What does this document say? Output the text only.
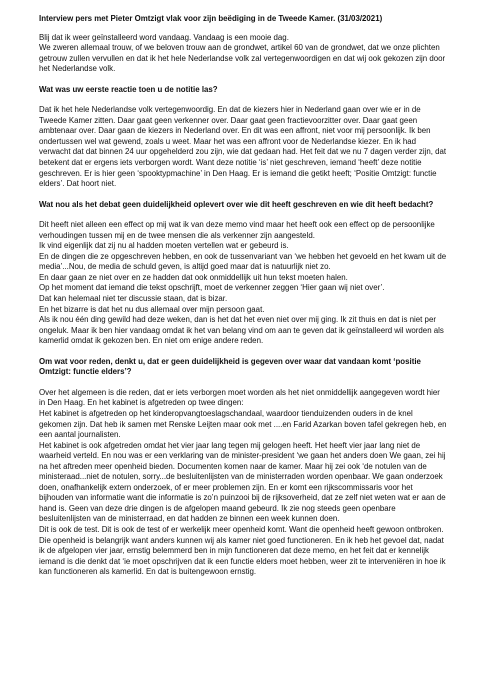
Interview pers met Pieter Omtzigt vlak voor zijn beëdiging in de Tweede Kamer. (31/03/2021)

Blij dat ik weer geïnstalleerd word vandaag. Vandaag is een mooie dag.

We zweren allemaal trouw, of we beloven trouw aan de grondwet, artikel 60 van de grondwet, dat we onze plichten getrouw zullen vervullen en dat ik het hele Nederlandse volk zal vertegenwoordigen en dat wij ook gekozen zijn door het Nederlandse volk.

Wat was uw eerste reactie toen u de notitie las?

Dat ik het hele Nederlandse volk vertegenwoordig. En dat de kiezers hier in Nederland gaan over wie er in de Tweede Kamer zitten. Daar gaat geen verkenner over. Daar gaat geen fractievoorzitter over. Daar gaat geen ambtenaar over. Daar gaan de kiezers in Nederland over. En dit was een affront, niet voor mij persoonlijk. Ik ben ondertussen wel wat gewend, zoals u weet. Maar het was een affront voor de Nederlandse kiezer. En ik had verwacht dat dat binnen 24 uur opgehelderd zou zijn, wie dat gedaan had. Het feit dat we nu 7 dagen verder zijn, dat betekent dat er ergens iets verborgen wordt. Want deze notitie ‘is’ niet geschreven, iemand ‘heeft’ deze notitie geschreven. Er is hier geen ‘spooktypmachine’ in Den Haag. Er is iemand die getikt heeft; ‘Positie Omtzigt: functie elders’. Dat hoort niet.

Wat nou als het debat geen duidelijkheid oplevert over wie dit heeft geschreven en wie dit heeft bedacht?

Dit heeft niet alleen een effect op mij wat ik van deze memo vind maar het heeft ook een effect op de persoonlijke verhoudingen tussen mij en de twee mensen die als verkenner zijn aangesteld.

Ik vind eigenlijk dat zij nu al hadden moeten vertellen wat er gebeurd is.

En de dingen die ze opgeschreven hebben, en ook de tussenvariant van ‘we hebben het gevoeld en het kwam uit de media’...Nou, de media de schuld geven, is altijd goed maar dat is natuurlijk niet zo.

En daar gaan ze niet over en ze hadden dat ook onmiddellijk uit hun tekst moeten halen.

Op het moment dat iemand die tekst opschrijft, moet de verkenner zeggen ‘Hier gaan wij niet over’.

Dat kan helemaal niet ter discussie staan, dat is bizar.

En het bizarre is dat het nu dus allemaal over mijn persoon gaat.

Als ik nou één ding gewild had deze weken, dan is het dat het even niet over mij ging. Ik zit thuis en dat is niet per ongeluk. Maar ik ben hier vandaag omdat ik het van belang vind om aan te geven dat ik geïnstalleerd wil worden als kamerlid omdat ik gekozen ben. En niet om enige andere reden.

Om wat voor reden, denkt u, dat er geen duidelijkheid is gegeven over waar dat vandaan komt ‘positie Omtzigt: functie elders’?

Over het algemeen is die reden, dat er iets verborgen moet worden als het niet onmiddellijk aangegeven wordt hier in Den Haag. En het kabinet is afgetreden op twee dingen:

Het kabinet is afgetreden op het kinderopvangtoeslagschandaal, waardoor tienduizenden ouders in de knel gekomen zijn. Dat heb ik samen met Renske Leijten maar ook met ....en Farid Azarkan boven tafel gekregen heb, en een aantal journalisten.

Het kabinet is ook afgetreden omdat het vier jaar lang tegen mij gelogen heeft. Het heeft vier jaar lang niet de waarheid verteld. En nou was er een verklaring van de minister-president ‘we gaan het anders doen We gaan, zei hij na het aftreden meer openheid bieden. Documenten komen naar de kamer. Maar hij zei ook ‘de notulen van de ministeraad...niet de notulen, sorry...de besluitenlijsten van de ministerraden worden openbaar. We gaan onderzoek doen, onafhankelijk extern onderzoek, of er meer problemen zijn. En er komt een rijkscommissaris voor het bijhouden van informatie want die informatie is zo’n puinzooi bij de rijksoverheid, dat ze zelf niet weten wat er aan de hand is. Geen van deze drie dingen is de afgelopen maand gebeurd. Ik zie nog steeds geen openbare besluitenlijsten van de ministerraad, en dat hadden ze binnen een week kunnen doen.

Dit is ook de test. Dit is ook de test of er werkelijk meer openheid komt. Want die openheid heeft gewoon ontbroken. Die openheid is belangrijk want anders kunnen wij als kamer niet goed functioneren. En ik heb het gevoel dat, nadat ik de afgelopen vier jaar, ernstig belemmerd ben in mijn functioneren dat deze memo, en het feit dat er kennelijk iemand is die denkt dat ‘ie moet opschrijven dat ik een functie elders moet hebben, weer zit te interveniëren in hoe ik kan functioneren als kamerlid. En dat is buitengewoon ernstig.
